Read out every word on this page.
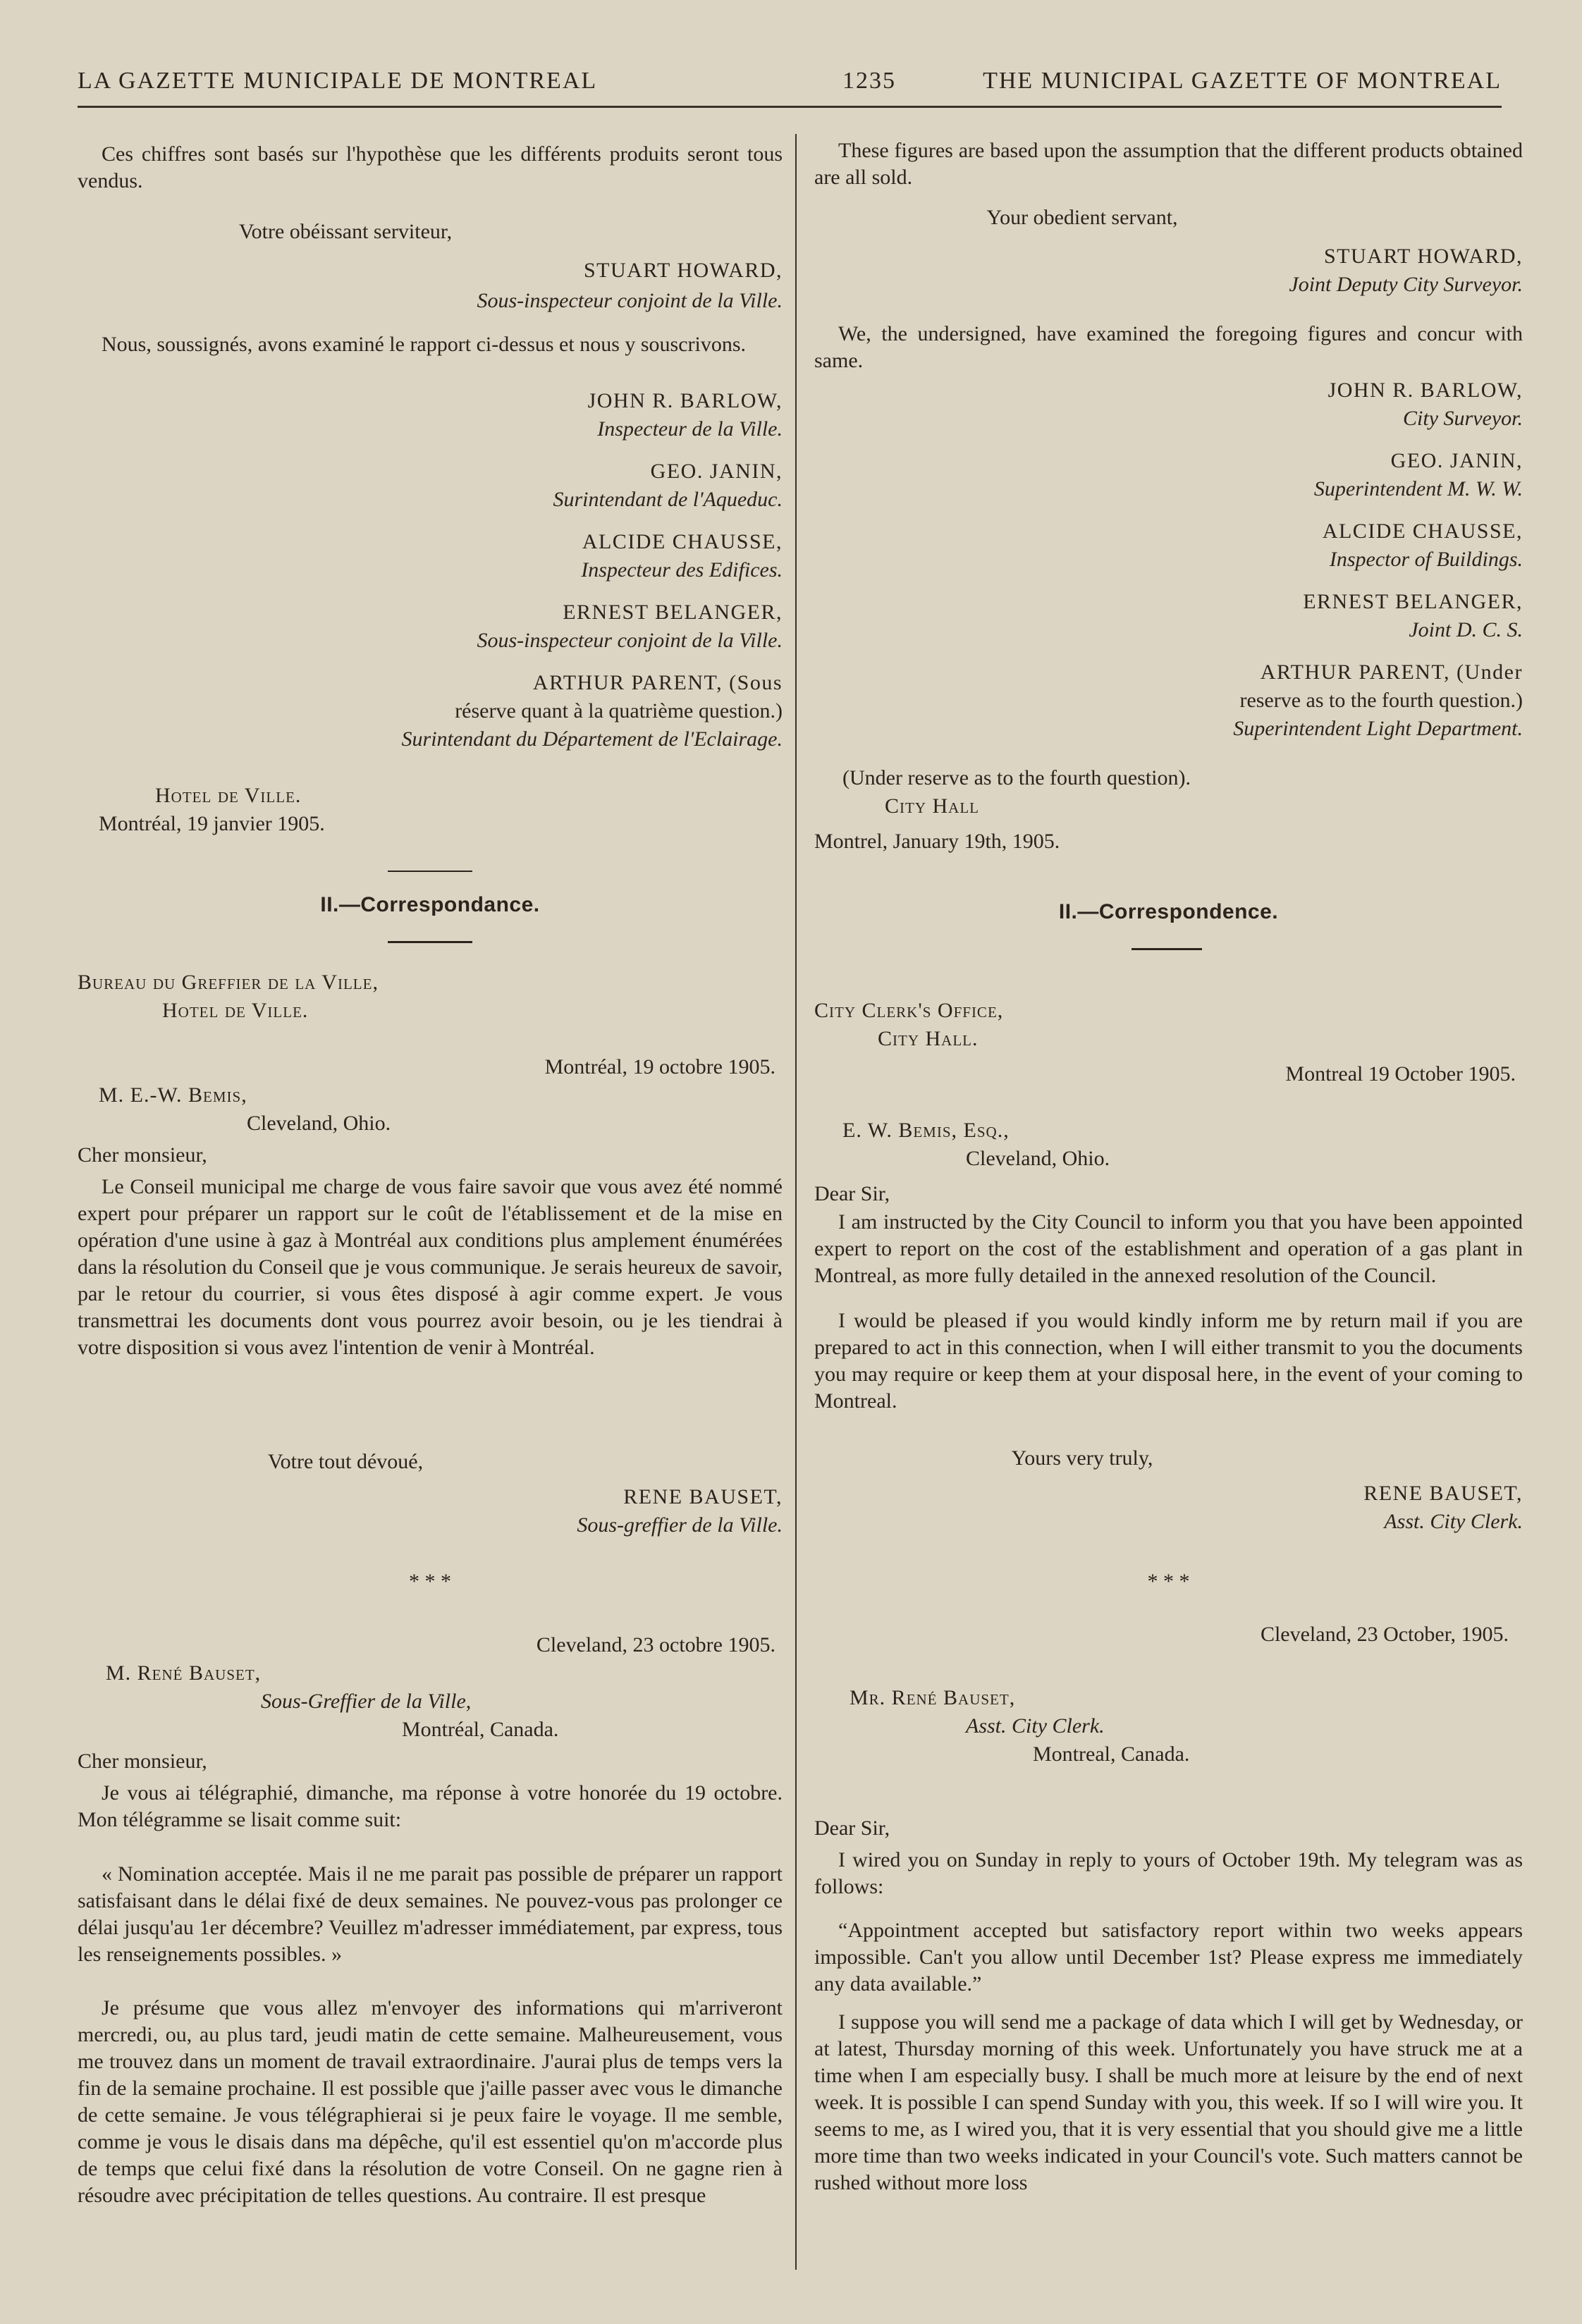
LA GAZETTE MUNICIPALE DE MONTREAL	1235	THE MUNICIPAL GAZETTE OF MONTREAL

Ces chiffres sont basés sur l'hypothèse que les différents produits seront tous vendus.

Votre obéissant serviteur,

STUART HOWARD,

Sous-inspecteur conjoint de la Ville.

Nous, soussignés, avons examiné le rapport ci-dessus et nous y souscrivons.

JOHN R. BARLOW,

Inspecteur de la Ville.

GEO. JANIN,

Surintendant de l'Aqueduc.

ALCIDE CHAUSSE,

Inspecteur des Edifices.

ERNEST BELANGER,

Sous-inspecteur conjoint de la Ville.

ARTHUR PARENT, (Sous

réserve quant à la quatrième question.)

Surintendant du Département de l'Eclairage.

Hotel de Ville.

Montréal, 19 janvier 1905.

II.—Correspondance.

Bureau du Greffier de la Ville,

Hotel de Ville.

Montréal, 19 octobre 1905.

M. E.-W. Bemis,

Cleveland, Ohio.

Cher monsieur,

Le Conseil municipal me charge de vous faire savoir que vous avez été nommé expert pour préparer un rapport sur le coût de l'établissement et de la mise en opération d'une usine à gaz à Montréal aux conditions plus amplement énumérées dans la résolution du Conseil que je vous communique. Je serais heureux de savoir, par le retour du courrier, si vous êtes disposé à agir comme expert. Je vous transmettrai les documents dont vous pourrez avoir besoin, ou je les tiendrai à votre disposition si vous avez l'intention de venir à Montréal.

Votre tout dévoué,

RENE BAUSET,

Sous-greffier de la Ville.

* * *

Cleveland, 23 octobre 1905.

M. René Bauset,

Sous-Greffier de la Ville,

Montréal, Canada.

Cher monsieur,

Je vous ai télégraphié, dimanche, ma réponse à votre honorée du 19 octobre. Mon télégramme se lisait comme suit:

« Nomination acceptée. Mais il ne me parait pas possible de préparer un rapport satisfaisant dans le délai fixé de deux semaines. Ne pouvez-vous pas prolonger ce délai jusqu'au 1er décembre? Veuillez m'adresser immédiatement, par express, tous les renseignements possibles. »

Je présume que vous allez m'envoyer des informations qui m'arriveront mercredi, ou, au plus tard, jeudi matin de cette semaine. Malheureusement, vous me trouvez dans un moment de travail extraordinaire. J'aurai plus de temps vers la fin de la semaine prochaine. Il est possible que j'aille passer avec vous le dimanche de cette semaine. Je vous télégraphierai si je peux faire le voyage. Il me semble, comme je vous le disais dans ma dépêche, qu'il est essentiel qu'on m'accorde plus de temps que celui fixé dans la résolution de votre Conseil. On ne gagne rien à résoudre avec précipitation de telles questions. Au contraire. Il est presque

These figures are based upon the assumption that the different products obtained are all sold.

Your obedient servant,

STUART HOWARD,

Joint Deputy City Surveyor.

We, the undersigned, have examined the foregoing figures and concur with same.

JOHN R. BARLOW,

City Surveyor.

GEO. JANIN,

Superintendent M. W. W.

ALCIDE CHAUSSE,

Inspector of Buildings.

ERNEST BELANGER,

Joint D. C. S.

ARTHUR PARENT, (Under

reserve as to the fourth question.)

Superintendent Light Department.

(Under reserve as to the fourth question).

City Hall

Montrel, January 19th, 1905.

II.—Correspondence.

City Clerk's Office,

City Hall.

Montreal 19 October 1905.

E. W. Bemis, Esq.,

Cleveland, Ohio.

Dear Sir,

I am instructed by the City Council to inform you that you have been appointed expert to report on the cost of the establishment and operation of a gas plant in Montreal, as more fully detailed in the annexed resolution of the Council.

I would be pleased if you would kindly inform me by return mail if you are prepared to act in this connection, when I will either transmit to you the documents you may require or keep them at your disposal here, in the event of your coming to Montreal.

Yours very truly,

RENE BAUSET,

Asst. City Clerk.

* * *

Cleveland, 23 October, 1905.

Mr. René Bauset,

Asst. City Clerk.

Montreal, Canada.

Dear Sir,

I wired you on Sunday in reply to yours of October 19th. My telegram was as follows:

“Appointment accepted but satisfactory report within two weeks appears impossible. Can't you allow until December 1st? Please express me immediately any data available.”

I suppose you will send me a package of data which I will get by Wednesday, or at latest, Thursday morning of this week. Unfortunately you have struck me at a time when I am especially busy. I shall be much more at leisure by the end of next week. It is possible I can spend Sunday with you, this week. If so I will wire you. It seems to me, as I wired you, that it is very essential that you should give me a little more time than two weeks indicated in your Council's vote. Such matters cannot be rushed without more loss
